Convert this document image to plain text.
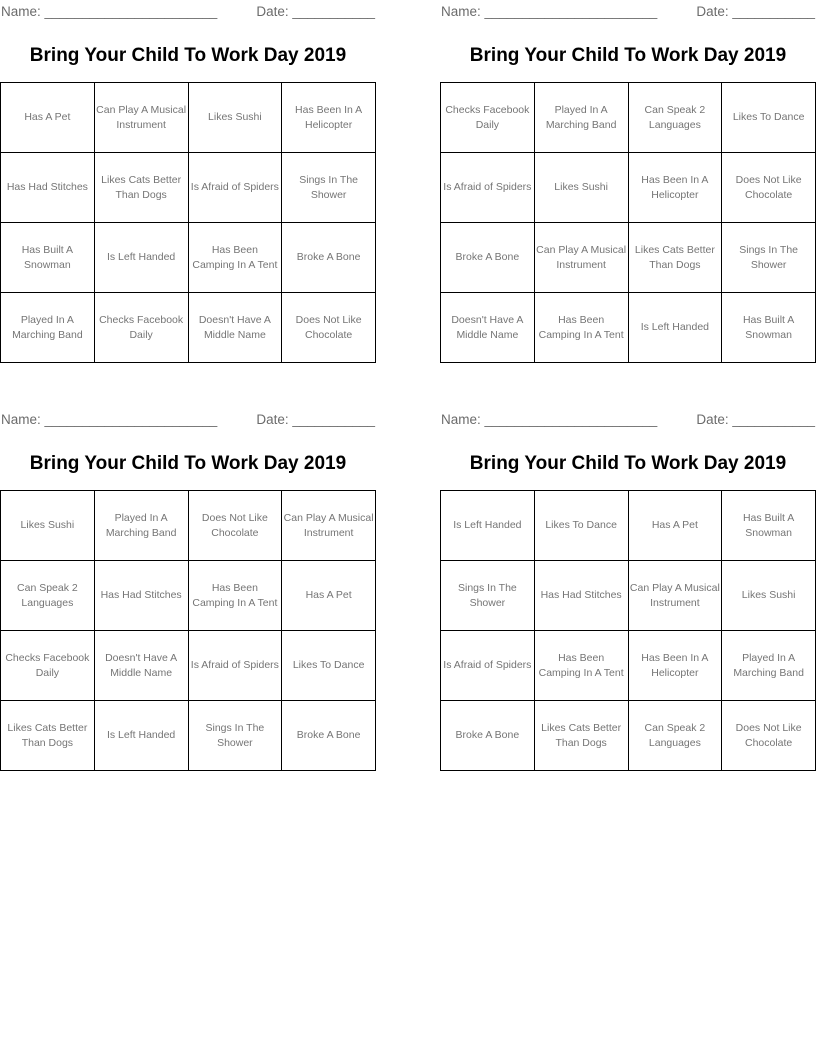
Name: _______________________	Date: ___________
Bring Your Child To Work Day 2019
Has A Pet	Can Play A Musical Instrument	Likes Sushi	Has Been In A Helicopter
Has Had Stitches	Likes Cats Better Than Dogs	Is Afraid of Spiders	Sings In The Shower
Has Built A Snowman	Is Left Handed	Has Been Camping In A Tent	Broke A Bone
Played In A Marching Band	Checks Facebook Daily	Doesn't Have A Middle Name	Does Not Like Chocolate
Name: _______________________	Date: ___________
Bring Your Child To Work Day 2019
Checks Facebook Daily	Played In A Marching Band	Can Speak 2 Languages	Likes To Dance
Is Afraid of Spiders	Likes Sushi	Has Been In A Helicopter	Does Not Like Chocolate
Broke A Bone	Can Play A Musical Instrument	Likes Cats Better Than Dogs	Sings In The Shower
Doesn't Have A Middle Name	Has Been Camping In A Tent	Is Left Handed	Has Built A Snowman
Name: _______________________	Date: ___________
Bring Your Child To Work Day 2019
Likes Sushi	Played In A Marching Band	Does Not Like Chocolate	Can Play A Musical Instrument
Can Speak 2 Languages	Has Had Stitches	Has Been Camping In A Tent	Has A Pet
Checks Facebook Daily	Doesn't Have A Middle Name	Is Afraid of Spiders	Likes To Dance
Likes Cats Better Than Dogs	Is Left Handed	Sings In The Shower	Broke A Bone
Name: _______________________	Date: ___________
Bring Your Child To Work Day 2019
Is Left Handed	Likes To Dance	Has A Pet	Has Built A Snowman
Sings In The Shower	Has Had Stitches	Can Play A Musical Instrument	Likes Sushi
Is Afraid of Spiders	Has Been Camping In A Tent	Has Been In A Helicopter	Played In A Marching Band
Broke A Bone	Likes Cats Better Than Dogs	Can Speak 2 Languages	Does Not Like Chocolate
